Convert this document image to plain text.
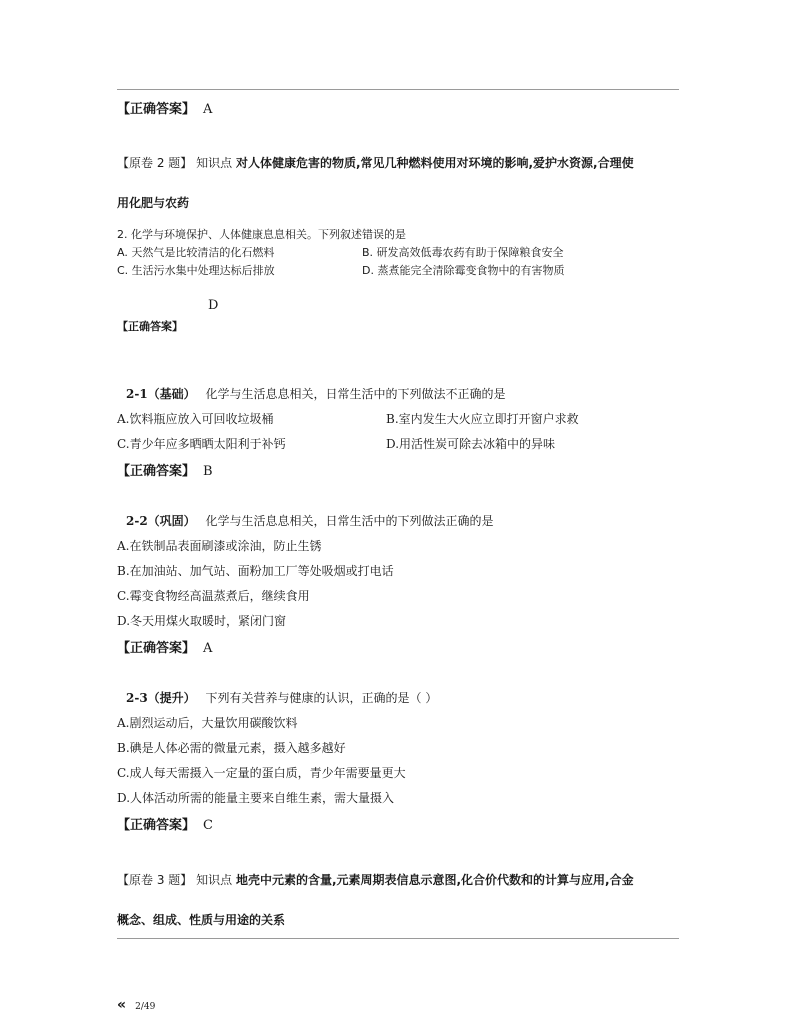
【正确答案】 A
【原卷 2 题】 知识点 对人体健康危害的物质,常见几种燃料使用对环境的影响,爱护水资源,合理使
用化肥与农药
2. 化学与环境保护、人体健康息息相关。下列叙述错误的是
A. 天然气是比较清洁的化石燃料	B. 研发高效低毒农药有助于保障粮食安全
C. 生活污水集中处理达标后排放	D. 蒸煮能完全清除霉变食物中的有害物质
D
【正确答案】
2-1（基础） 化学与生活息息相关，日常生活中的下列做法不正确的是
A.饮料瓶应放入可回收垃圾桶	B.室内发生大火应立即打开窗户求救
C.青少年应多晒晒太阳利于补钙	D.用活性炭可除去冰箱中的异味
【正确答案】 B
2-2（巩固） 化学与生活息息相关，日常生活中的下列做法正确的是
A.在铁制品表面刷漆或涂油，防止生锈
B.在加油站、加气站、面粉加工厂等处吸烟或打电话
C.霉变食物经高温蒸煮后，继续食用
D.冬天用煤火取暖时，紧闭门窗
【正确答案】 A
2-3（提升） 下列有关营养与健康的认识，正确的是（ ）
A.剧烈运动后，大量饮用碳酸饮料
B.碘是人体必需的微量元素，摄入越多越好
C.成人每天需摄入一定量的蛋白质，青少年需要量更大
D.人体活动所需的能量主要来自维生素，需大量摄入
【正确答案】 C
【原卷 3 题】 知识点 地壳中元素的含量,元素周期表信息示意图,化合价代数和的计算与应用,合金
概念、组成、性质与用途的关系
« 2/49
